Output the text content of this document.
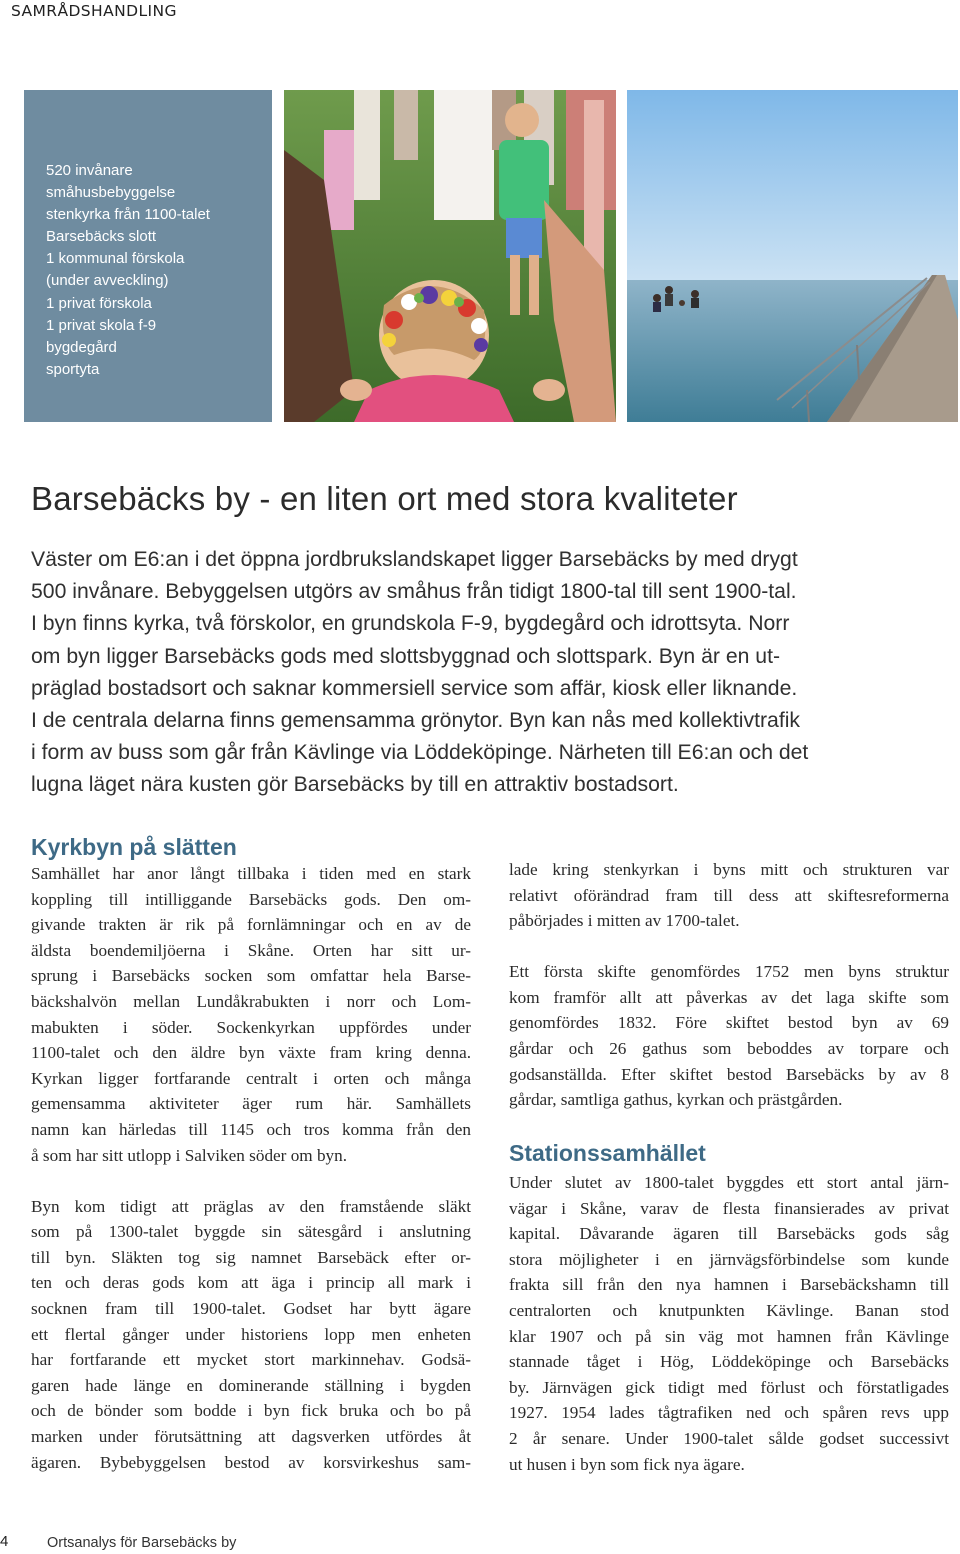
SAMRÅDSHANDLING
520 invånare
småhusbebyggelse
stenkyrka från 1100-talet
Barsebäcks slott
1 kommunal förskola
(under avveckling)
1 privat förskola
1 privat skola f-9
bygdegård
sportyta
Barsebäcks by - en liten ort med stora kvaliteter
Väster om E6:an i det öppna jordbrukslandskapet ligger Barsebäcks by med drygt
500 invånare. Bebyggelsen utgörs av småhus från tidigt 1800-tal till sent 1900-tal.
I byn finns kyrka, två förskolor, en grundskola F-9, bygdegård och idrottsyta. Norr
om byn ligger Barsebäcks gods med slottsbyggnad och slottspark. Byn är en ut-
präglad bostadsort och saknar kommersiell service som affär, kiosk eller liknande.
I de centrala delarna finns gemensamma grönytor. Byn kan nås med kollektivtrafik
i form av buss som går från Kävlinge via Löddeköpinge. Närheten till E6:an och det
lugna läget nära kusten gör Barsebäcks by till en attraktiv bostadsort.
Kyrkbyn på slätten
Samhället har anor långt tillbaka i tiden med en stark
koppling till intilliggande Barsebäcks gods. Den om-
givande trakten är rik på fornlämningar och en av de
äldsta boendemiljöerna i Skåne. Orten har sitt ur-
sprung i Barsebäcks socken som omfattar hela Barse-
bäckshalvön mellan Lundåkrabukten i norr och Lom-
mabukten i söder. Sockenkyrkan uppfördes under
1100-talet och den äldre byn växte fram kring denna.
Kyrkan ligger fortfarande centralt i orten och många
gemensamma aktiviteter äger rum här. Samhällets
namn kan härledas till 1145 och tros komma från den
å som har sitt utlopp i Salviken söder om byn.
Byn kom tidigt att präglas av den framstående släkt
som på 1300-talet byggde sin sätesgård i anslutning
till byn. Släkten tog sig namnet Barsebäck efter or-
ten och deras gods kom att äga i princip all mark i
socknen fram till 1900-talet. Godset har bytt ägare
ett flertal gånger under historiens lopp men enheten
har fortfarande ett mycket stort markinnehav. Godsä-
garen hade länge en dominerande ställning i bygden
och de bönder som bodde i byn fick bruka och bo på
marken under förutsättning att dagsverken utfördes åt
ägaren. Bybebyggelsen bestod av korsvirkeshus sam-
lade kring stenkyrkan i byns mitt och strukturen var
relativt oförändrad fram till dess att skiftesreformerna
påbörjades i mitten av 1700-talet.
Ett första skifte genomfördes 1752 men byns struktur
kom framför allt att påverkas av det laga skifte som
genomfördes 1832. Före skiftet bestod byn av 69
gårdar och 26 gathus som beboddes av torpare och
godsanställda. Efter skiftet bestod Barsebäcks by av 8
gårdar, samtliga gathus, kyrkan och prästgården.
Stationssamhället
Under slutet av 1800-talet byggdes ett stort antal järn-
vägar i Skåne, varav de flesta finansierades av privat
kapital. Dåvarande ägaren till Barsebäcks gods såg
stora möjligheter i en järnvägsförbindelse som kunde
frakta sill från den nya hamnen i Barsebäckshamn till
centralorten och knutpunkten Kävlinge. Banan stod
klar 1907 och på sin väg mot hamnen från Kävlinge
stannade tåget i Hög, Löddeköpinge och Barsebäcks
by. Järnvägen gick tidigt med förlust och förstatligades
1927. 1954 lades tågtrafiken ned och spåren revs upp
2 år senare. Under 1900-talet sålde godset successivt
ut husen i byn som fick nya ägare.
4	Ortsanalys för Barsebäcks by
